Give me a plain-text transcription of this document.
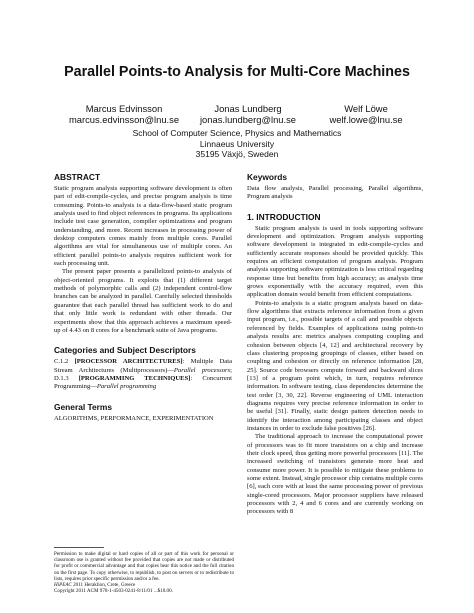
Parallel Points-to Analysis for Multi-Core Machines
Marcus Edvinsson
marcus.edvinsson@lnu.se
Jonas Lundberg
jonas.lundberg@lnu.se
Welf Löwe
welf.lowe@lnu.se
School of Computer Science, Physics and Mathematics
Linnaeus University
35195 Växjö, Sweden
ABSTRACT

Static program analysis supporting software development is often part of edit-compile-cycles, and precise program analysis is time consuming. Points-to analysis is a data-flow-based static program analysis used to find object references in programs. Its applications include test case generation, compiler optimizations and program understanding, and more. Recent increases in processing power of desktop computers comes mainly from multiple cores. Parallel algorithms are vital for simultaneous use of multiple cores. An efficient parallel points-to analysis requires sufficient work for each processing unit.

The present paper presents a parallelized points-to analysis of object-oriented programs. It exploits that (1) different target methods of polymorphic calls and (2) independent control-flow branches can be analyzed in parallel. Carefully selected thresholds guarantee that each parallel thread has sufficient work to do and that only little work is redundant with other threads. Our experiments show that this approach achieves a maximum speed-up of 4.43 on 8 cores for a benchmark suite of Java programs.

Categories and Subject Descriptors

C.1.2 [PROCESSOR ARCHITECTURES]: Multiple Data Stream Architectures (Multiprocessors)—Parallel processors; D.1.3 [PROGRAMMING TECHNIQUES]: Concurrent Programming—Parallel programming

General Terms

ALGORITHMS, PERFORMANCE, EXPERIMENTATION

Permission to make digital or hard copies of all or part of this work for personal or classroom use is granted without fee provided that copies are not made or distributed for profit or commercial advantage and that copies bear this notice and the full citation on the first page. To copy otherwise, to republish, to post on servers or to redistribute to lists, requires prior specific permission and/or a fee.
HiPEAC 2011 Heraklion, Crete, Greece
Copyright 2011 ACM 978-1-4503-0241-8/11/01 ...$10.00.
Keywords

Data flow analysis, Parallel processing, Parallel algorithms, Program analysis

1. INTRODUCTION

Static program analysis is used in tools supporting software development and optimization. Program analysis supporting software development is integrated in edit-compile-cycles and sufficiently accurate responses should be provided quickly. This requires an efficient computation of program analysis. Program analysis supporting software optimization is less critical regarding response time but benefits from high accuracy; as analysis time grows exponentially with the accuracy required, even this application domain would benefit from efficient computations.

Points-to analysis is a static program analysis based on data-flow algorithms that extracts reference information from a given input program, i.e., possible targets of a call and possible objects referenced by fields. Examples of applications using points-to analysis results are: metrics analyses computing coupling and cohesion between objects [4, 12] and architectural recovery by class clustering proposing groupings of classes, either based on coupling and cohesion or directly on reference information [28, 25]. Source code browsers compute forward and backward slices [13] of a program point which, in turn, requires reference information. In software testing, class dependencies determine the test order [3, 30, 22]. Reverse engineering of UML interaction diagrams requires very precise reference information in order to be useful [31]. Finally, static design pattern detection needs to identify the interaction among participating classes and object instances in order to exclude false positives [26].

The traditional approach to increase the computational power of processors was to fit more transistors on a chip and increase their clock speed, thus getting more powerful processors [11]. The increased switching of transistors generate more heat and consume more power. It is possible to mitigate these problems to some extent. Instead, single processor chip contains multiple cores [6], each core with at least the same processing power of previous single-cored processors. Major processor suppliers have released processors with 2, 4 and 6 cores and are currently working on processors with 8
